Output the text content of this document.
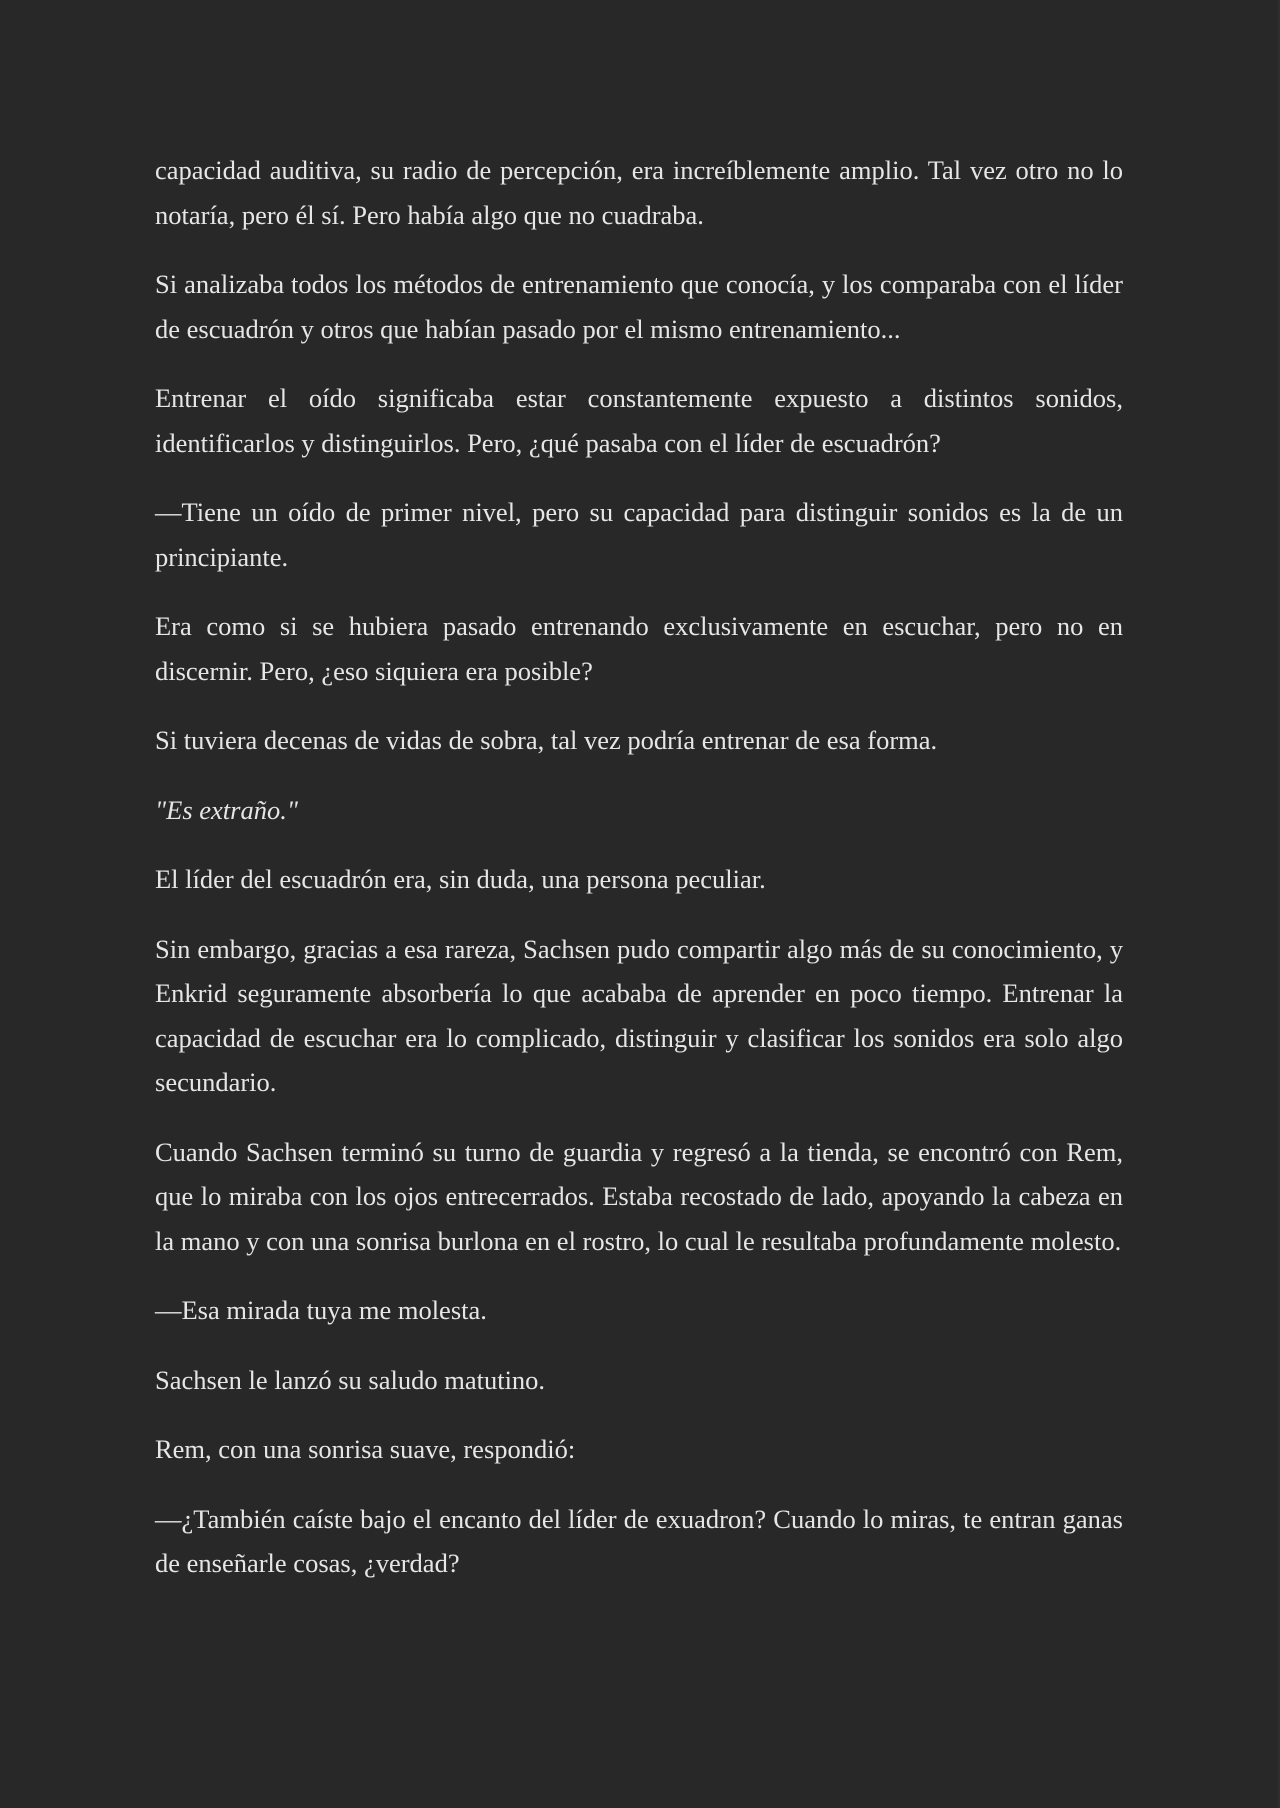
capacidad auditiva, su radio de percepción, era increíblemente amplio. Tal vez otro no lo notaría, pero él sí. Pero había algo que no cuadraba.

Si analizaba todos los métodos de entrenamiento que conocía, y los comparaba con el líder de escuadrón y otros que habían pasado por el mismo entrenamiento...

Entrenar el oído significaba estar constantemente expuesto a distintos sonidos, identificarlos y distinguirlos. Pero, ¿qué pasaba con el líder de escuadrón?

—Tiene un oído de primer nivel, pero su capacidad para distinguir sonidos es la de un principiante.

Era como si se hubiera pasado entrenando exclusivamente en escuchar, pero no en discernir. Pero, ¿eso siquiera era posible?

Si tuviera decenas de vidas de sobra, tal vez podría entrenar de esa forma.

"Es extraño."

El líder del escuadrón era, sin duda, una persona peculiar.

Sin embargo, gracias a esa rareza, Sachsen pudo compartir algo más de su conocimiento, y Enkrid seguramente absorbería lo que acababa de aprender en poco tiempo. Entrenar la capacidad de escuchar era lo complicado, distinguir y clasificar los sonidos era solo algo secundario.

Cuando Sachsen terminó su turno de guardia y regresó a la tienda, se encontró con Rem, que lo miraba con los ojos entrecerrados. Estaba recostado de lado, apoyando la cabeza en la mano y con una sonrisa burlona en el rostro, lo cual le resultaba profundamente molesto.

—Esa mirada tuya me molesta.

Sachsen le lanzó su saludo matutino.

Rem, con una sonrisa suave, respondió:

—¿También caíste bajo el encanto del líder de exuadron? Cuando lo miras, te entran ganas de enseñarle cosas, ¿verdad?
